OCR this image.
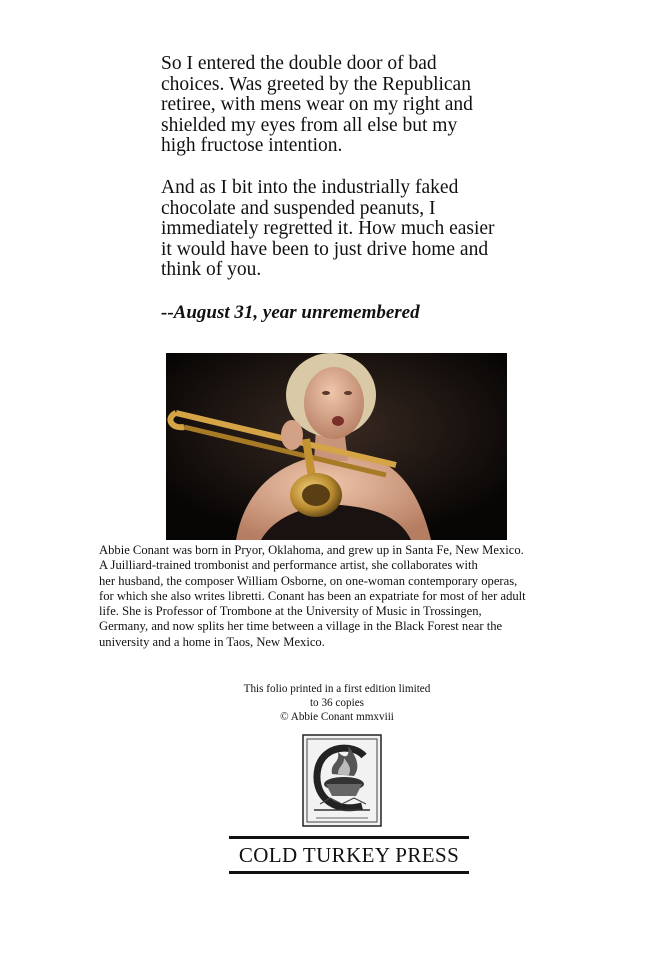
So I entered the double door of bad
choices. Was greeted by the Republican
retiree, with mens wear on my right and
shielded my eyes from all else but my
high fructose intention.

And as I bit into the industrially faked
chocolate and suspended peanuts, I
immediately regretted it. How much easier
it would have been to just drive home and
think of you.

--August 31, year unremembered
Abbie Conant was born in Pryor, Oklahoma, and grew up in Santa Fe, New Mexico.
A Juilliard-trained trombonist and performance artist, she collaborates with
her husband, the composer William Osborne, on one-woman contemporary operas,
for which she also writes libretti. Conant has been an expatriate for most of her adult
life. She is Professor of Trombone at the University of Music in Trossingen,
Germany, and now splits her time between a village in the Black Forest near the
university and a home in Taos, New Mexico.
This folio printed in a first edition limited
to 36 copies
© Abbie Conant mmxviii
COLD TURKEY PRESS
